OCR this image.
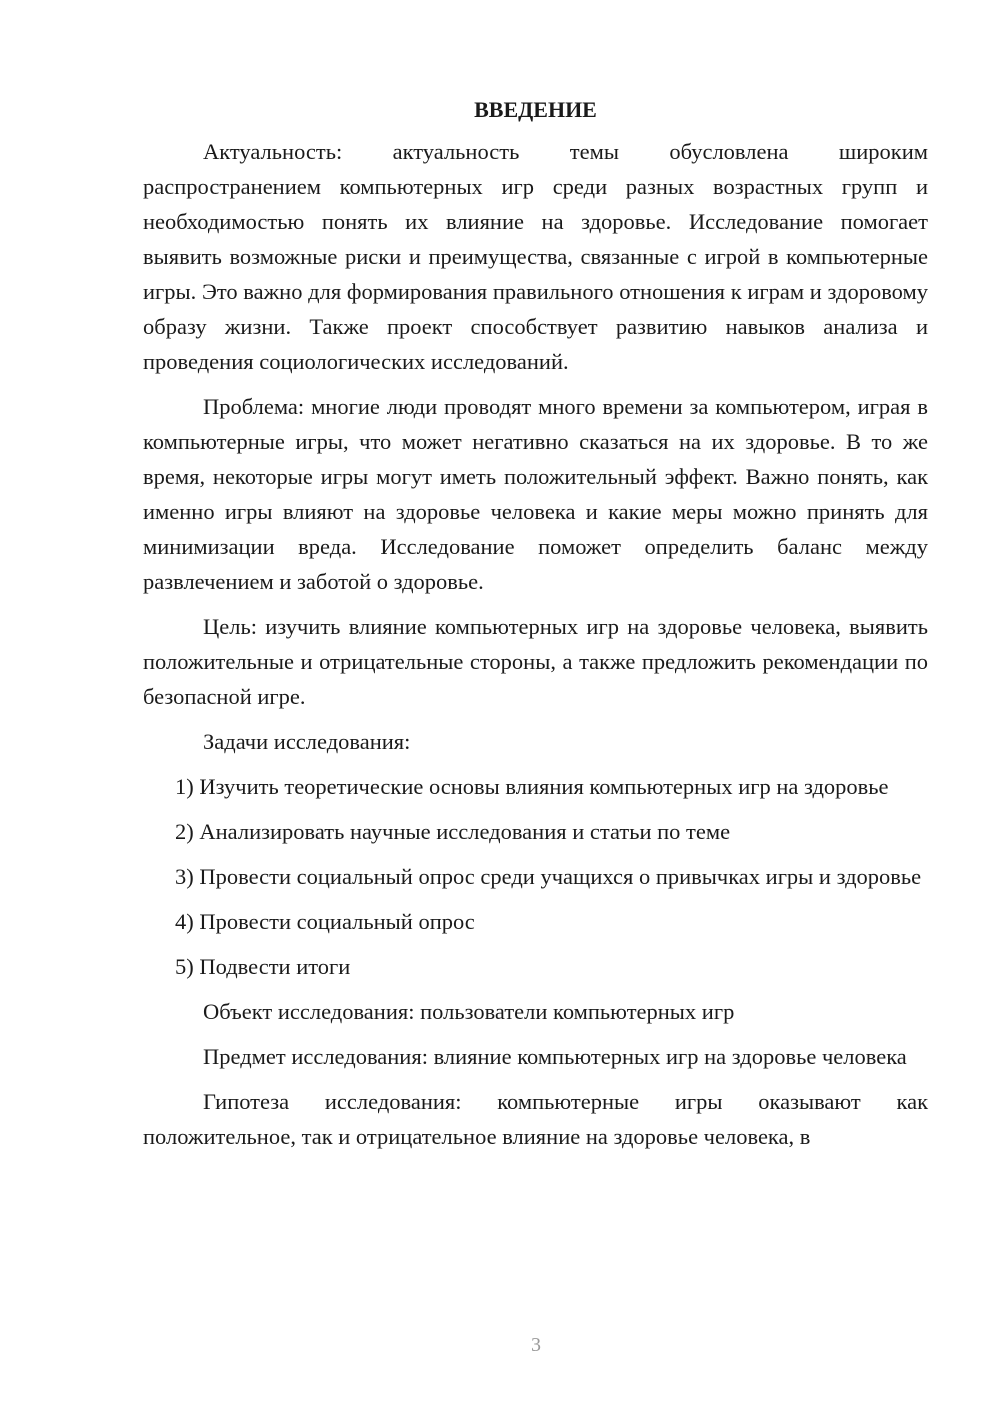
ВВЕДЕНИЕ

Актуальность: актуальность темы обусловлена широким распространением компьютерных игр среди разных возрастных групп и необходимостью понять их влияние на здоровье. Исследование помогает выявить возможные риски и преимущества, связанные с игрой в компьютерные игры. Это важно для формирования правильного отношения к играм и здоровому образу жизни. Также проект способствует развитию навыков анализа и проведения социологических исследований.

Проблема: многие люди проводят много времени за компьютером, играя в компьютерные игры, что может негативно сказаться на их здоровье. В то же время, некоторые игры могут иметь положительный эффект. Важно понять, как именно игры влияют на здоровье человека и какие меры можно принять для минимизации вреда. Исследование поможет определить баланс между развлечением и заботой о здоровье.

Цель: изучить влияние компьютерных игр на здоровье человека, выявить положительные и отрицательные стороны, а также предложить рекомендации по безопасной игре.

Задачи исследования:

1) Изучить теоретические основы влияния компьютерных игр на здоровье

2) Анализировать научные исследования и статьи по теме

3) Провести социальный опрос среди учащихся о привычках игры и здоровье

4) Провести социальный опрос

5) Подвести итоги

Объект исследования: пользователи компьютерных игр

Предмет исследования: влияние компьютерных игр на здоровье человека

Гипотеза исследования: компьютерные игры оказывают как положительное, так и отрицательное влияние на здоровье человека, в

3
